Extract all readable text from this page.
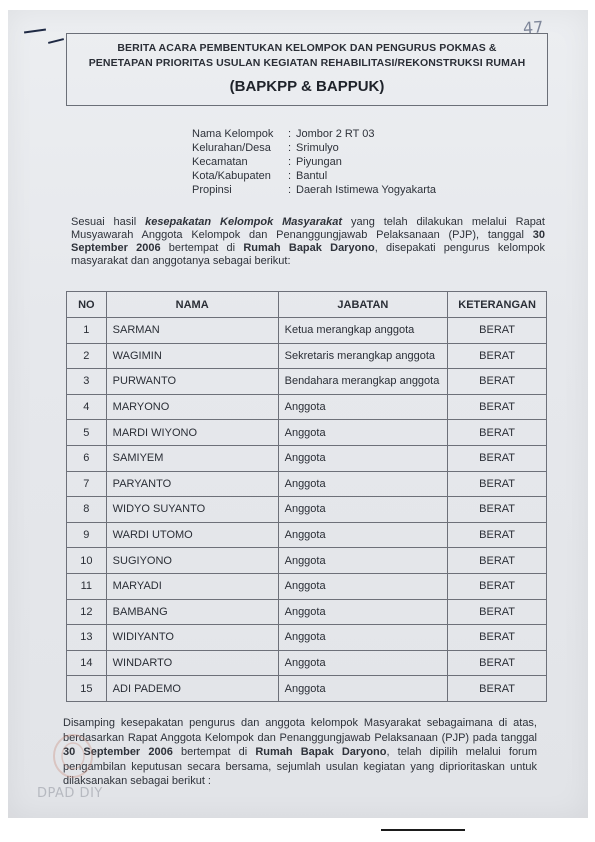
47
BERITA ACARA PEMBENTUKAN KELOMPOK DAN PENGURUS POKMAS &
PENETAPAN PRIORITAS USULAN KEGIATAN REHABILITASI/REKONSTRUKSI RUMAH
(BAPKPP & BAPPUK)
Nama Kelompok	: Jombor 2 RT 03
Kelurahan/Desa	: Srimulyo
Kecamatan	: Piyungan
Kota/Kabupaten	: Bantul
Propinsi	: Daerah Istimewa Yogyakarta
Sesuai hasil kesepakatan Kelompok Masyarakat yang telah dilakukan melalui Rapat Musyawarah Anggota Kelompok dan Penanggungjawab Pelaksanaan (PJP), tanggal 30 September 2006 bertempat di Rumah Bapak Daryono, disepakati pengurus kelompok masyarakat dan anggotanya sebagai berikut:
NO	NAMA	JABATAN	KETERANGAN
1	SARMAN	Ketua merangkap anggota	BERAT
2	WAGIMIN	Sekretaris merangkap anggota	BERAT
3	PURWANTO	Bendahara merangkap anggota	BERAT
4	MARYONO	Anggota	BERAT
5	MARDI WIYONO	Anggota	BERAT
6	SAMIYEM	Anggota	BERAT
7	PARYANTO	Anggota	BERAT
8	WIDYO SUYANTO	Anggota	BERAT
9	WARDI UTOMO	Anggota	BERAT
10	SUGIYONO	Anggota	BERAT
11	MARYADI	Anggota	BERAT
12	BAMBANG	Anggota	BERAT
13	WIDIYANTO	Anggota	BERAT
14	WINDARTO	Anggota	BERAT
15	ADI PADEMO	Anggota	BERAT
Disamping kesepakatan pengurus dan anggota kelompok Masyarakat sebagaimana di atas, berdasarkan Rapat Anggota Kelompok dan Penanggungjawab Pelaksanaan (PJP) pada tanggal 30 September 2006 bertempat di Rumah Bapak Daryono, telah dipilih melalui forum pengambilan keputusan secara bersama, sejumlah usulan kegiatan yang diprioritaskan untuk dilaksanakan sebagai berikut :
DPAD DIY
